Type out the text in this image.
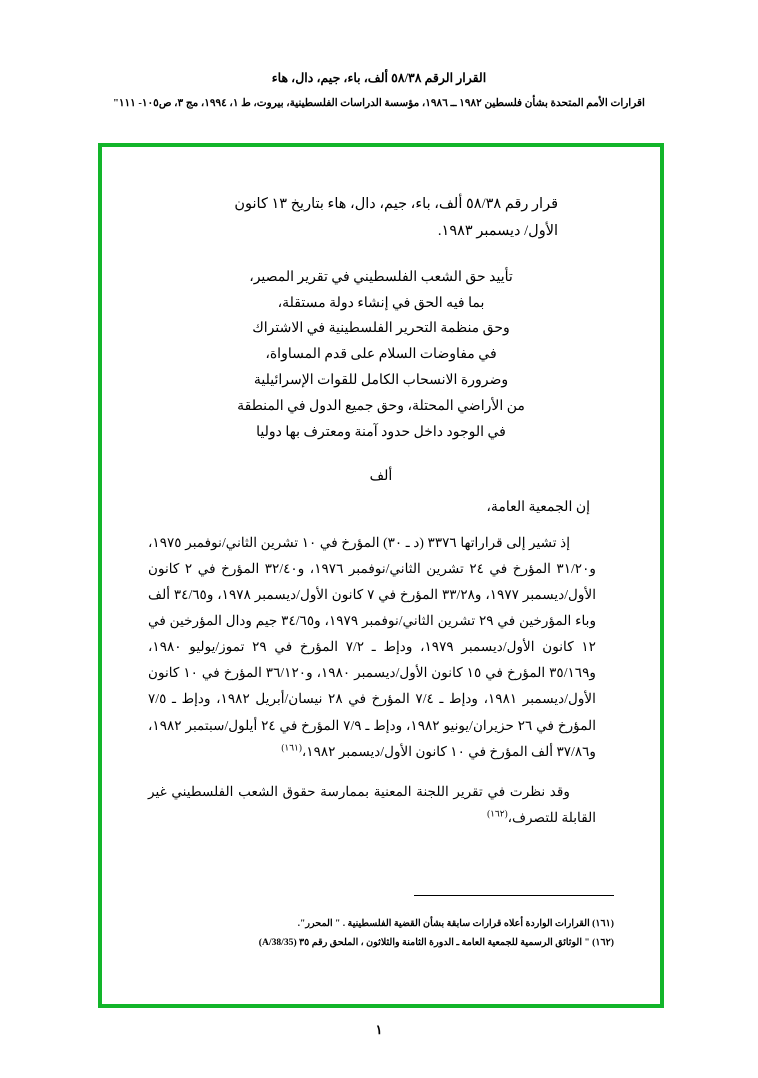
القرار الرقم ٥٨/٣٨ ألف، باء، جيم، دال، هاء
اقرارات الأمم المتحدة بشأن فلسطين ١٩٨٢ ــ ١٩٨٦، مؤسسة الدراسات الفلسطينية، بيروت، ط ١، ١٩٩٤، مج ٣، ص١٠٥- ١١١"
قرار رقم ٥٨/٣٨ ألف، باء، جيم، دال، هاء بتاريخ ١٣ كانون
الأول/ ديسمبر ١٩٨٣.
تأييد حق الشعب الفلسطيني في تقرير المصير،
بما فيه الحق في إنشاء دولة مستقلة،
وحق منظمة التحرير الفلسطينية في الاشتراك
في مفاوضات السلام على قدم المساواة،
وضرورة الانسحاب الكامل للقوات الإسرائيلية
من الأراضي المحتلة، وحق جميع الدول في المنطقة
في الوجود داخل حدود آمنة ومعترف بها دوليا
ألف
إن الجمعية العامة،
إذ تشير إلى قراراتها ٣٣٧٦ (د ـ ٣٠) المؤرخ في ١٠ تشرين الثاني/نوفمبر ١٩٧٥، و٣١/٢٠ المؤرخ في ٢٤ تشرين الثاني/نوفمبر ١٩٧٦، و٣٢/٤٠ المؤرخ في ٢ كانون الأول/ديسمبر ١٩٧٧، و٣٣/٢٨ المؤرخ في ٧ كانون الأول/ديسمبر ١٩٧٨، و٣٤/٦٥ ألف وباء المؤرخين في ٢٩ تشرين الثاني/نوفمبر ١٩٧٩، و٣٤/٦٥ جيم ودال المؤرخين في ١٢ كانون الأول/ديسمبر ١٩٧٩، ودإط ـ ٧/٢ المؤرخ في ٢٩ تموز/يوليو ١٩٨٠، و٣٥/١٦٩ المؤرخ في ١٥ كانون الأول/ديسمبر ١٩٨٠، و٣٦/١٢٠ المؤرخ في ١٠ كانون الأول/ديسمبر ١٩٨١، ودإط ـ ٧/٤ المؤرخ في ٢٨ نيسان/أبريل ١٩٨٢، ودإط ـ ٧/٥ المؤرخ في ٢٦ حزيران/يونيو ١٩٨٢، ودإط ـ ٧/٩ المؤرخ في ٢٤ أيلول/سبتمبر ١٩٨٢، و٣٧/٨٦ ألف المؤرخ في ١٠ كانون الأول/ديسمبر ١٩٨٢،$^{(١٦١)}$
وقد نظرت في تقرير اللجنة المعنية بممارسة حقوق الشعب الفلسطيني غير القابلة للتصرف،$^{(١٦٢)}$
(١٦١) القرارات الواردة أعلاه قرارات سابقة بشأن القضية الفلسطينية . " المحرر".
(١٦٢) " الوثائق الرسمية للجمعية العامة ـ الدورة الثامنة والثلاثون ، الملحق رقم ٣٥ (A/38/35)
١
